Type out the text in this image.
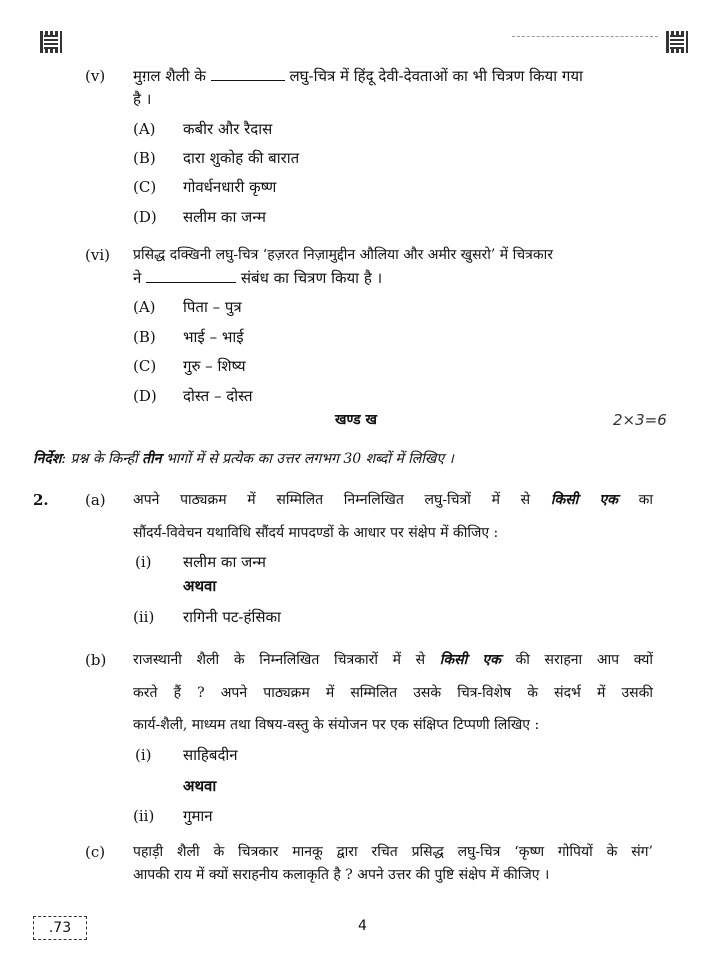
(v) मुग़ल शैली के	लघु-चित्र में हिंदू देवी-देवताओं का भी चित्रण किया गया
है ।
(A) कबीर और रैदास
(B) दारा शुकोह की बारात
(C) गोवर्धनधारी कृष्ण
(D) सलीम का जन्म
(vi) प्रसिद्ध दक्खिनी लघु-चित्र ‘हज़रत निज़ामुद्दीन औलिया और अमीर खुसरो’ में चित्रकार
ने	संबंध का चित्रण किया है ।
(A) पिता – पुत्र
(B) भाई – भाई
(C) गुरु – शिष्य
(D) दोस्त – दोस्त
खण्ड ख	2×3=6
निर्देश: प्रश्न के किन्हीं तीन भागों में से प्रत्येक का उत्तर लगभग 30 शब्दों में लिखिए ।
2. (a) अपने पाठ्यक्रम में सम्मिलित निम्नलिखित लघु-चित्रों में से किसी एक का
सौंदर्य-विवेचन यथाविधि सौंदर्य मापदण्डों के आधार पर संक्षेप में कीजिए :
(i) सलीम का जन्म
अथवा
(ii) रागिनी पट-हंसिका
(b) राजस्थानी शैली के निम्नलिखित चित्रकारों में से किसी एक की सराहना आप क्यों
करते हैं ? अपने पाठ्यक्रम में सम्मिलित उसके चित्र-विशेष के संदर्भ में उसकी
कार्य-शैली, माध्यम तथा विषय-वस्तु के संयोजन पर एक संक्षिप्त टिप्पणी लिखिए :
(i) साहिबदीन
अथवा
(ii) गुमान
(c) पहाड़ी शैली के चित्रकार मानकू द्वारा रचित प्रसिद्ध लघु-चित्र ‘कृष्ण गोपियों के संग’
आपकी राय में क्यों सराहनीय कलाकृति है ? अपने उत्तर की पुष्टि संक्षेप में कीजिए ।
.73	4
